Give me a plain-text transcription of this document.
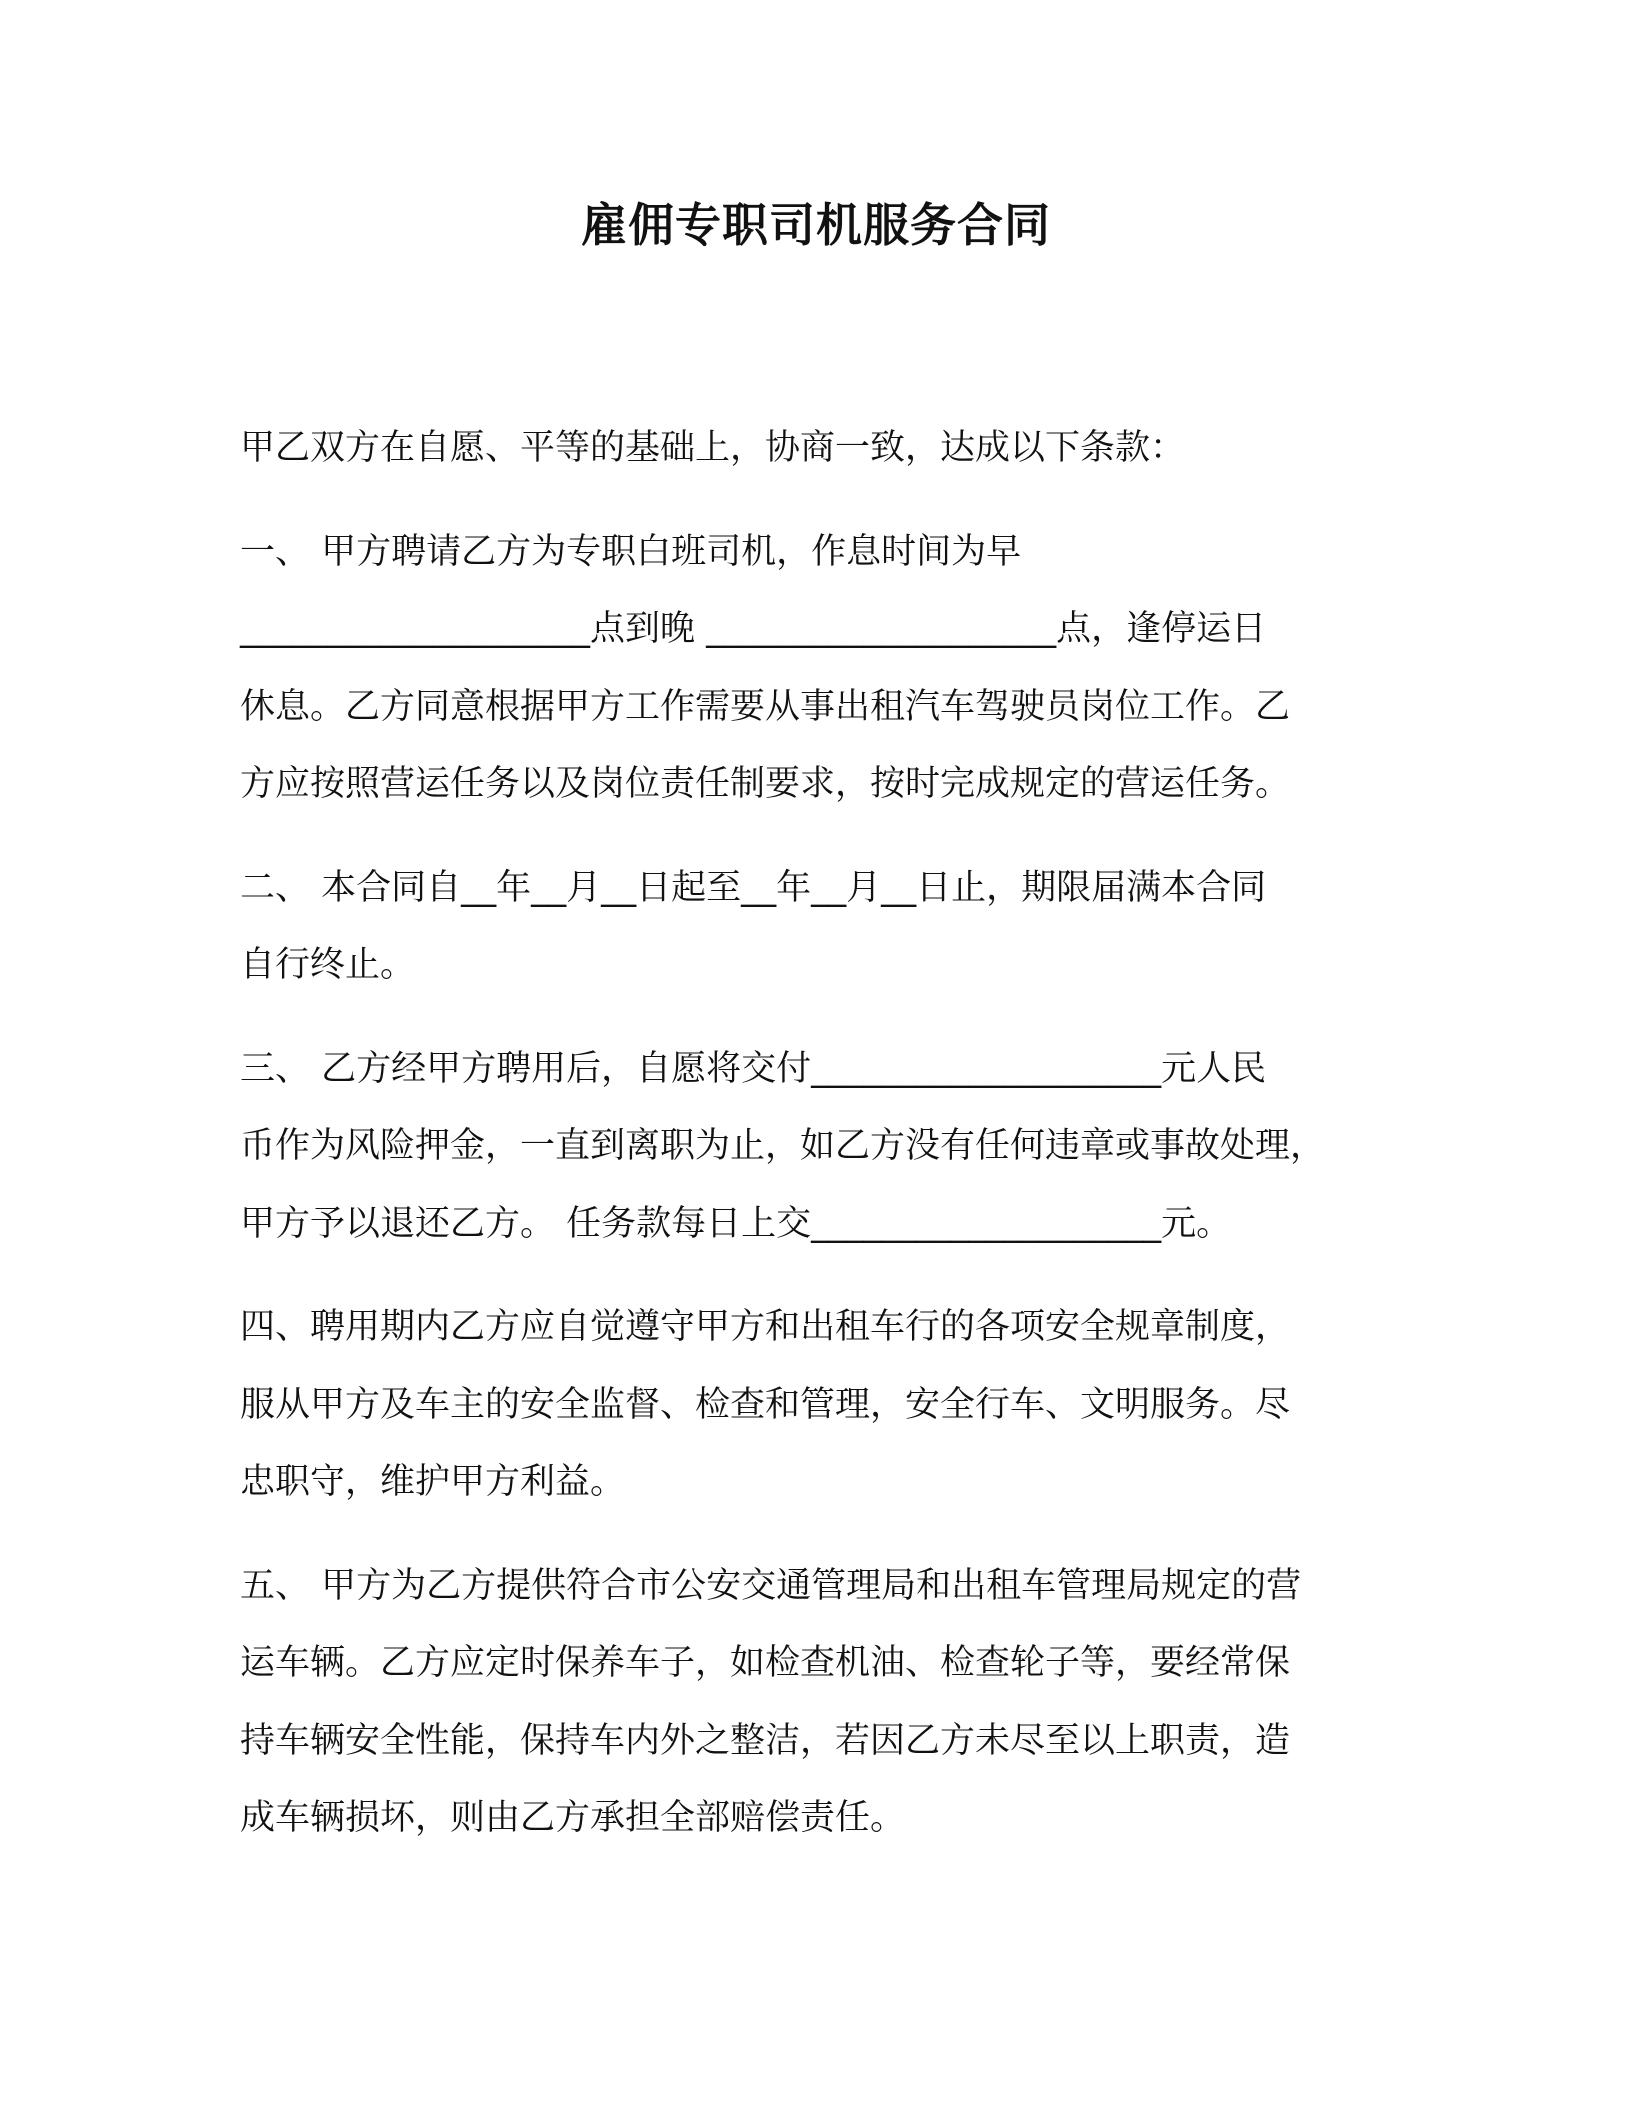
雇佣专职司机服务合同
甲乙双方在自愿、平等的基础上，协商一致，达成以下条款：
一、 甲方聘请乙方为专职白班司机，作息时间为早
____________________点到晚 ____________________点，逢停运日
休息。乙方同意根据甲方工作需要从事出租汽车驾驶员岗位工作。乙
方应按照营运任务以及岗位责任制要求，按时完成规定的营运任务。
二、 本合同自__年__月__日起至__年__月__日止，期限届满本合同
自行终止。
三、 乙方经甲方聘用后，自愿将交付____________________元人民
币作为风险押金，一直到离职为止，如乙方没有任何违章或事故处理，
甲方予以退还乙方。 任务款每日上交____________________元。
四、聘用期内乙方应自觉遵守甲方和出租车行的各项安全规章制度，
服从甲方及车主的安全监督、检查和管理，安全行车、文明服务。尽
忠职守，维护甲方利益。
五、 甲方为乙方提供符合市公安交通管理局和出租车管理局规定的营
运车辆。乙方应定时保养车子，如检查机油、检查轮子等，要经常保
持车辆安全性能，保持车内外之整洁，若因乙方未尽至以上职责，造
成车辆损坏，则由乙方承担全部赔偿责任。
